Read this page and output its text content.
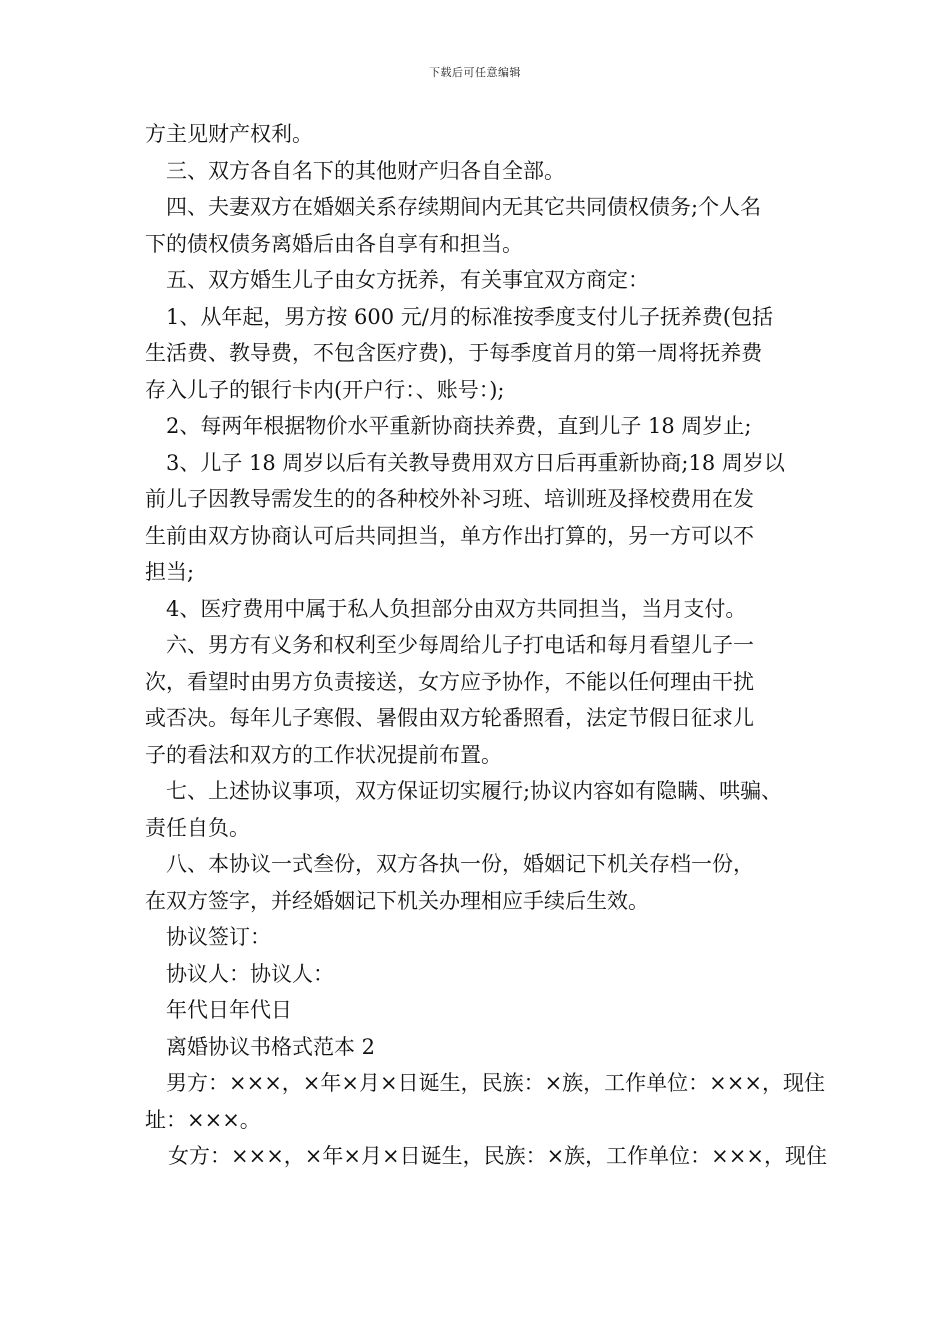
下载后可任意编辑

方主见财产权利。

三、双方各自名下的其他财产归各自全部。

四、夫妻双方在婚姻关系存续期间内无其它共同债权债务;个人名

下的债权债务离婚后由各自享有和担当。

五、双方婚生儿子由女方抚养，有关事宜双方商定：

1、从年起，男方按 600 元/月的标准按季度支付儿子抚养费(包括

生活费、教导费，不包含医疗费)，于每季度首月的第一周将抚养费

存入儿子的银行卡内(开户行：、账号：);

2、每两年根据物价水平重新协商扶养费，直到儿子 18 周岁止;

3、儿子 18 周岁以后有关教导费用双方日后再重新协商;18 周岁以

前儿子因教导需发生的的各种校外补习班、培训班及择校费用在发

生前由双方协商认可后共同担当，单方作出打算的，另一方可以不

担当;

4、医疗费用中属于私人负担部分由双方共同担当，当月支付。

六、男方有义务和权利至少每周给儿子打电话和每月看望儿子一

次，看望时由男方负责接送，女方应予协作，不能以任何理由干扰

或否决。每年儿子寒假、暑假由双方轮番照看，法定节假日征求儿

子的看法和双方的工作状况提前布置。

七、上述协议事项，双方保证切实履行;协议内容如有隐瞒、哄骗、

责任自负。

八、本协议一式叁份，双方各执一份，婚姻记下机关存档一份，

在双方签字，并经婚姻记下机关办理相应手续后生效。

协议签订：

协议人：协议人：

年代日年代日

离婚协议书格式范本 2

男方：×××，×年×月×日诞生，民族：×族，工作单位：×××，现住

址：×××。

女方：×××，×年×月×日诞生，民族：×族，工作单位：×××，现住
